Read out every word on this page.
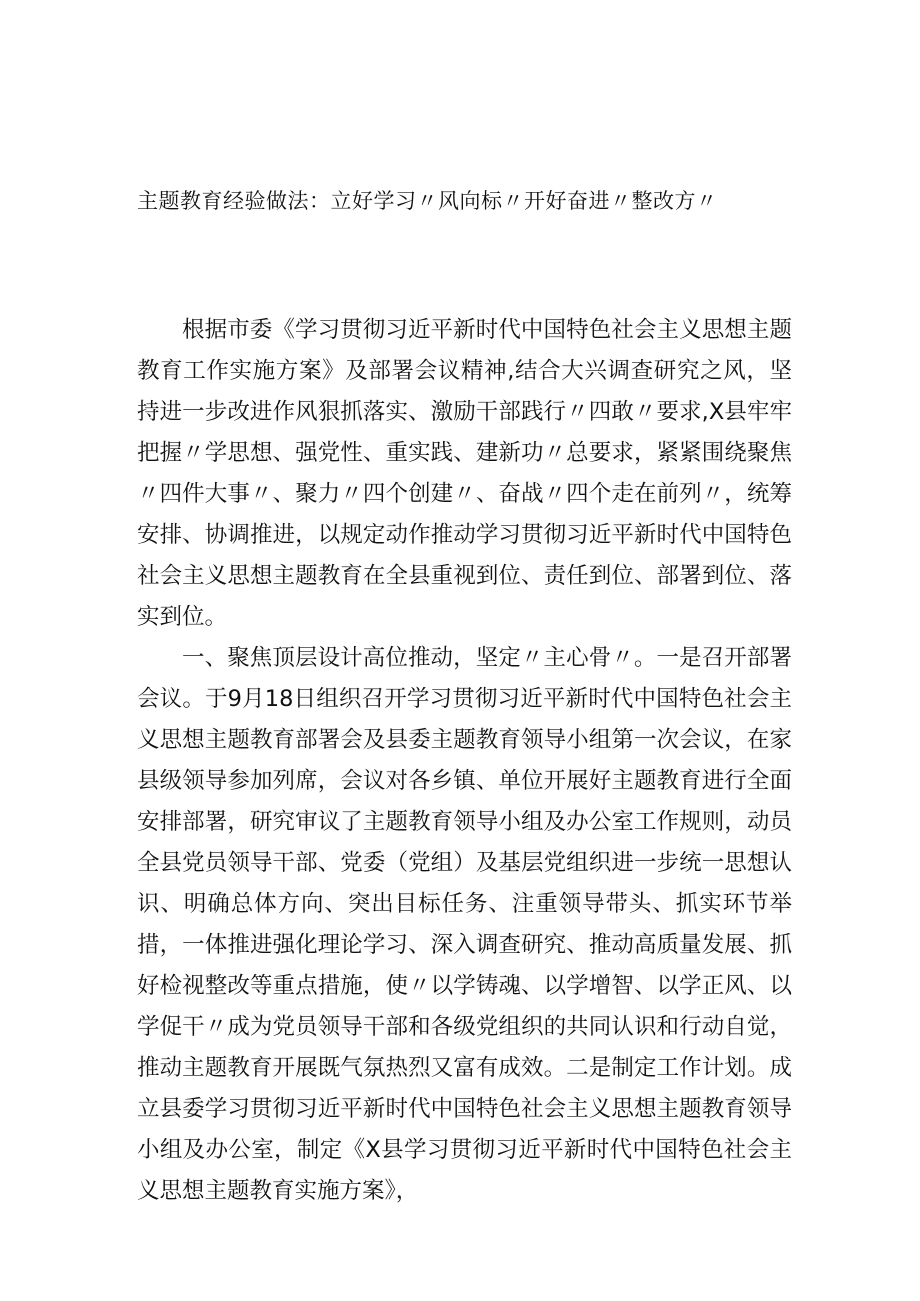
主题教育经验做法：立好学习〃风向标〃开好奋进〃整改方〃

根据市委《学习贯彻习近平新时代中国特色社会主义思想主题教育工作实施方案》及部署会议精神,结合大兴调查研究之风，坚持进一步改进作风狠抓落实、激励干部践行〃四敢〃要求,X县牢牢把握〃学思想、强党性、重实践、建新功〃总要求，紧紧围绕聚焦〃四件大事〃、聚力〃四个创建〃、奋战〃四个走在前列〃，统筹安排、协调推进，以规定动作推动学习贯彻习近平新时代中国特色社会主义思想主题教育在全县重视到位、责任到位、部署到位、落实到位。

一、聚焦顶层设计高位推动，坚定〃主心骨〃。一是召开部署会议。于9月18日组织召开学习贯彻习近平新时代中国特色社会主义思想主题教育部署会及县委主题教育领导小组第一次会议，在家县级领导参加列席，会议对各乡镇、单位开展好主题教育进行全面安排部署，研究审议了主题教育领导小组及办公室工作规则，动员全县党员领导干部、党委（党组）及基层党组织进一步统一思想认识、明确总体方向、突出目标任务、注重领导带头、抓实环节举措，一体推进强化理论学习、深入调查研究、推动高质量发展、抓好检视整改等重点措施，使〃以学铸魂、以学增智、以学正风、以学促干〃成为党员领导干部和各级党组织的共同认识和行动自觉，推动主题教育开展既气氛热烈又富有成效。二是制定工作计划。成立县委学习贯彻习近平新时代中国特色社会主义思想主题教育领导小组及办公室，制定《X县学习贯彻习近平新时代中国特色社会主义思想主题教育实施方案》，
